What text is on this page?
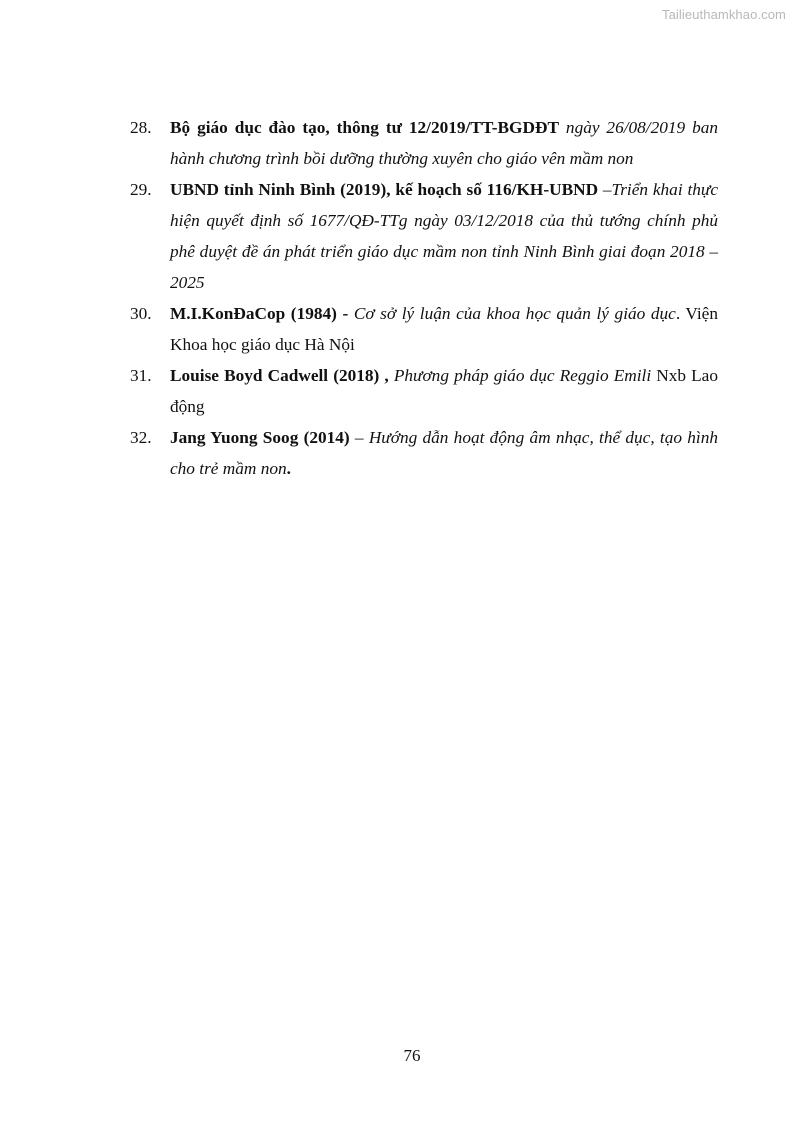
Tailieuthamkhao.com
28. Bộ giáo dục đào tạo, thông tư 12/2019/TT-BGDĐT ngày 26/08/2019 ban hành chương trình bồi dưỡng thường xuyên cho giáo vên mầm non
29. UBND tỉnh Ninh Bình (2019), kế hoạch số 116/KH-UBND –Triển khai thực hiện quyết định số 1677/QĐ-TTg ngày 03/12/2018 của thủ tướng chính phủ phê duyệt đề án phát triển giáo dục mầm non tỉnh Ninh Bình giai đoạn 2018 – 2025
30. M.I.KonĐaCop (1984) - Cơ sở lý luận của khoa học quản lý giáo dục. Viện Khoa học giáo dục Hà Nội
31. Louise Boyd Cadwell (2018) , Phương pháp giáo dục Reggio Emili Nxb Lao động
32. Jang Yuong Soog (2014) – Hướng dẫn hoạt động âm nhạc, thể dục, tạo hình cho trẻ mầm non.
76
